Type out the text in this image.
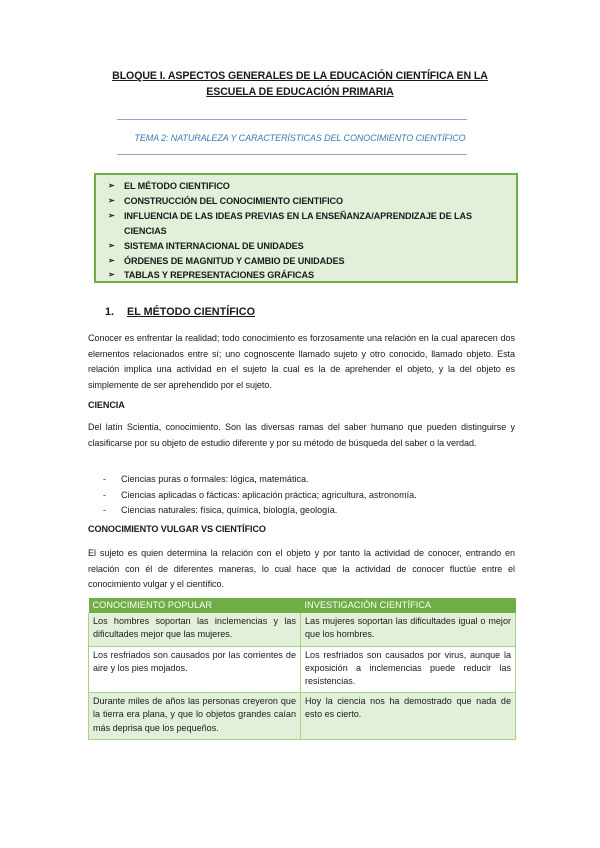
BLOQUE I. ASPECTOS GENERALES DE LA EDUCACIÓN CIENTÍFICA EN LA
ESCUELA DE EDUCACIÓN PRIMARIA
TEMA 2: NATURALEZA Y CARACTERÍSTICAS DEL CONOCIMIENTO CIENTÍFICO
➢	EL MÉTODO CIENTIFICO
➢	CONSTRUCCIÓN DEL CONOCIMIENTO CIENTIFICO
➢	INFLUENCIA DE LAS IDEAS PREVIAS EN LA ENSEÑANZA/APRENDIZAJE DE LAS CIENCIAS
➢	SISTEMA INTERNACIONAL DE UNIDADES
➢	ÓRDENES DE MAGNITUD Y CAMBIO DE UNIDADES
➢	TABLAS Y REPRESENTACIONES GRÁFICAS
1. EL MÉTODO CIENTÍFICO

Conocer es enfrentar la realidad; todo conocimiento es forzosamente una relación en la cual aparecen dos elementos relacionados entre sí; uno cognoscente llamado sujeto y otro conocido, llamado objeto. Esta relación implica una actividad en el sujeto la cual es la de aprehender el objeto, y la del objeto es simplemente de ser aprehendido por el sujeto.

CIENCIA

Del latín Scientia, conocimiento. Son las diversas ramas del saber humano que pueden distinguirse y clasificarse por su objeto de estudio diferente y por su método de búsqueda del saber o la verdad.

-	Ciencias puras o formales: lógica, matemática.
-	Ciencias aplicadas o fácticas: aplicación práctica; agricultura, astronomía.
-	Ciencias naturales: física, química, biología, geología.
CONOCIMIENTO VULGAR VS CIENTÍFICO

El sujeto es quien determina la relación con el objeto y por tanto la actividad de conocer, entrando en relación con él de diferentes maneras, lo cual hace que la actividad de conocer fluctúe entre el conocimiento vulgar y el científico.

CONOCIMIENTO POPULAR	INVESTIGACIÓN CIENTÍFICA
Los hombres soportan las inclemencias y las dificultades mejor que las mujeres.	Las mujeres soportan las dificultades igual o mejor que los hombres.
Los resfriados son causados por las corrientes de aire y los pies mojados.	Los resfriados son causados por virus, aunque la exposición a inclemencias puede reducir las resistencias.
Durante miles de años las personas creyeron que la tierra era plana, y que lo objetos grandes caían más deprisa que los pequeños.	Hoy la ciencia nos ha demostrado que nada de esto es cierto.
